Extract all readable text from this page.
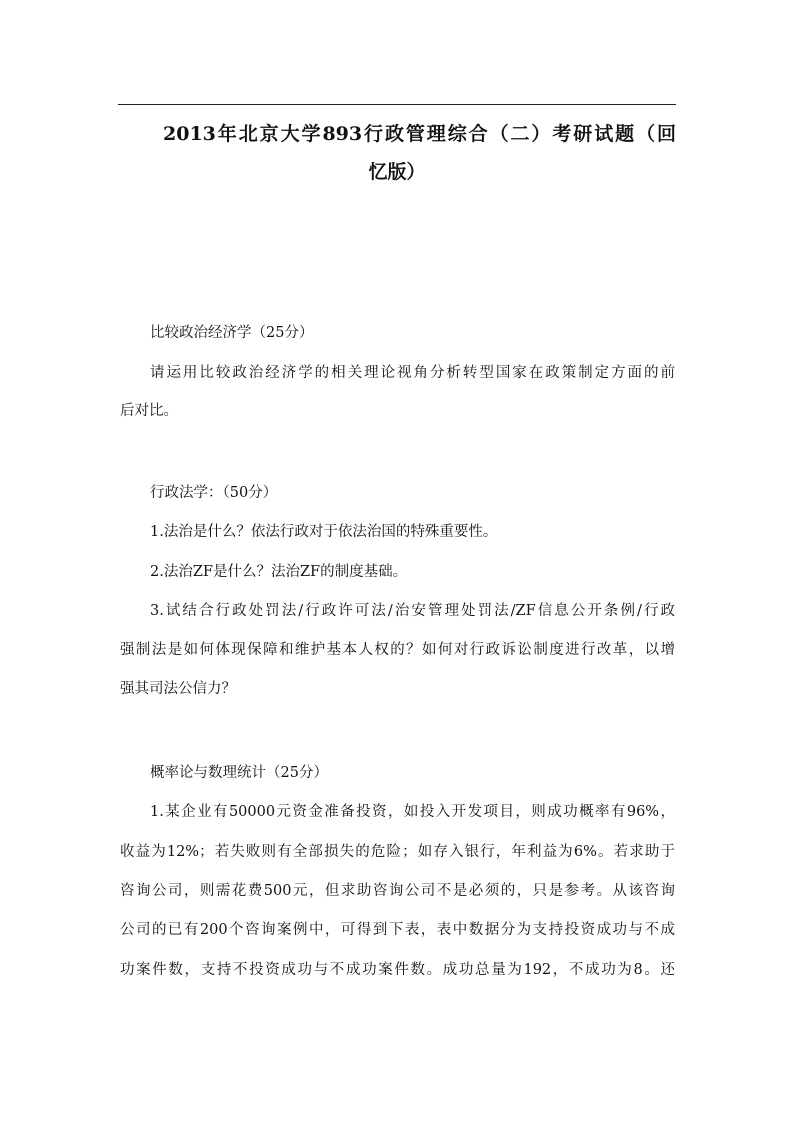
2013年北京大学893行政管理综合（二）考研试题（回
忆版）
比较政治经济学（25分）
请运用比较政治经济学的相关理论视角分析转型国家在政策制定方面的前
后对比。
行政法学：（50分）
1.法治是什么？依法行政对于依法治国的特殊重要性。
2.法治ZF是什么？法治ZF的制度基础。
3.试结合行政处罚法/行政许可法/治安管理处罚法/ZF信息公开条例/行政
强制法是如何体现保障和维护基本人权的？如何对行政诉讼制度进行改革，以增
强其司法公信力？
概率论与数理统计（25分）
1.某企业有50000元资金准备投资，如投入开发项目，则成功概率有96%，
收益为12%；若失败则有全部损失的危险；如存入银行，年利益为6%。若求助于
咨询公司，则需花费500元，但求助咨询公司不是必须的，只是参考。从该咨询
公司的已有200个咨询案例中，可得到下表，表中数据分为支持投资成功与不成
功案件数，支持不投资成功与不成功案件数。成功总量为192，不成功为8。还
